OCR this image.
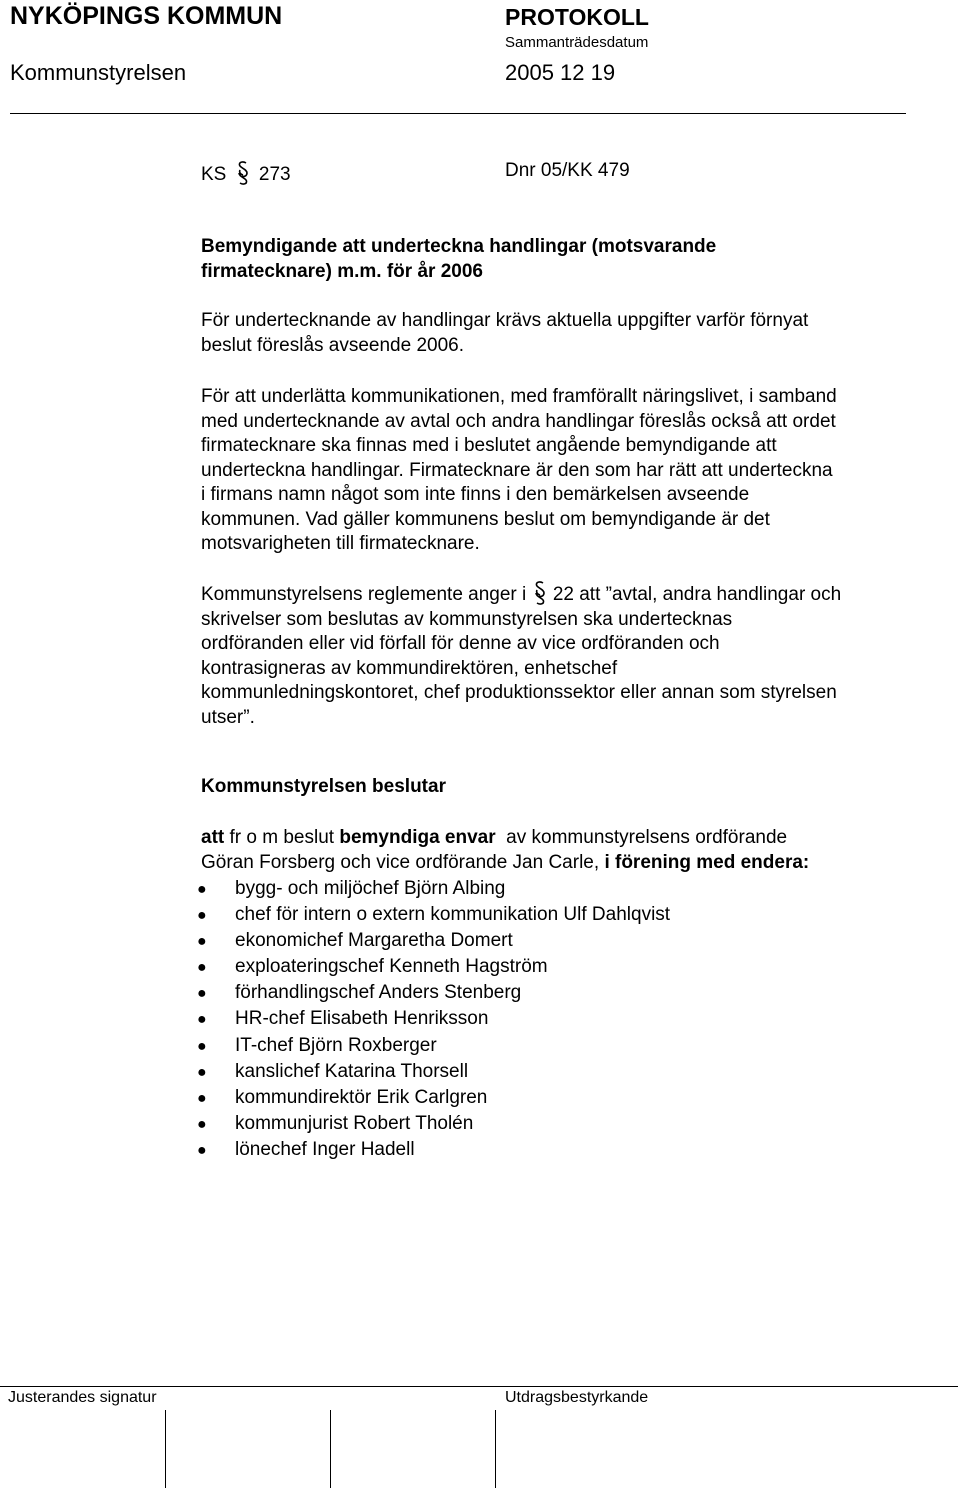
NYKÖPINGS KOMMUN	PROTOKOLL
Sammanträdesdatum
Kommunstyrelsen	2005 12 19
KS 273	Dnr 05/KK 479
Bemyndigande att underteckna handlingar (motsvarande
firmatecknare) m.m. för år 2006
För undertecknande av handlingar krävs aktuella uppgifter varför förnyat
beslut föreslås avseende 2006.
För att underlätta kommunikationen, med framförallt näringslivet, i samband
med undertecknande av avtal och andra handlingar föreslås också att ordet
firmatecknare ska finnas med i beslutet angående bemyndigande att
underteckna handlingar. Firmatecknare är den som har rätt att underteckna
i firmans namn något som inte finns i den bemärkelsen avseende
kommunen. Vad gäller kommunens beslut om bemyndigande är det
motsvarigheten till firmatecknare.
Kommunstyrelsens reglemente anger i  22 att ”avtal, andra handlingar och
skrivelser som beslutas av kommunstyrelsen ska undertecknas
ordföranden eller vid förfall för denne av vice ordföranden och
kontrasigneras av kommundirektören, enhetschef
kommunledningskontoret, chef produktionssektor eller annan som styrelsen
utser”.
Kommunstyrelsen beslutar
att fr o m beslut bemyndiga envar  av kommunstyrelsens ordförande
Göran Forsberg och vice ordförande Jan Carle, i förening med endera:
● bygg- och miljöchef Björn Albing
● chef för intern o extern kommunikation Ulf Dahlqvist
● ekonomichef Margaretha Domert
● exploateringschef Kenneth Hagström
● förhandlingschef Anders Stenberg
● HR-chef Elisabeth Henriksson
● IT-chef Björn Roxberger
● kanslichef Katarina Thorsell
● kommundirektör Erik Carlgren
● kommunjurist Robert Tholén
● lönechef Inger Hadell
Justerandes signatur	Utdragsbestyrkande
